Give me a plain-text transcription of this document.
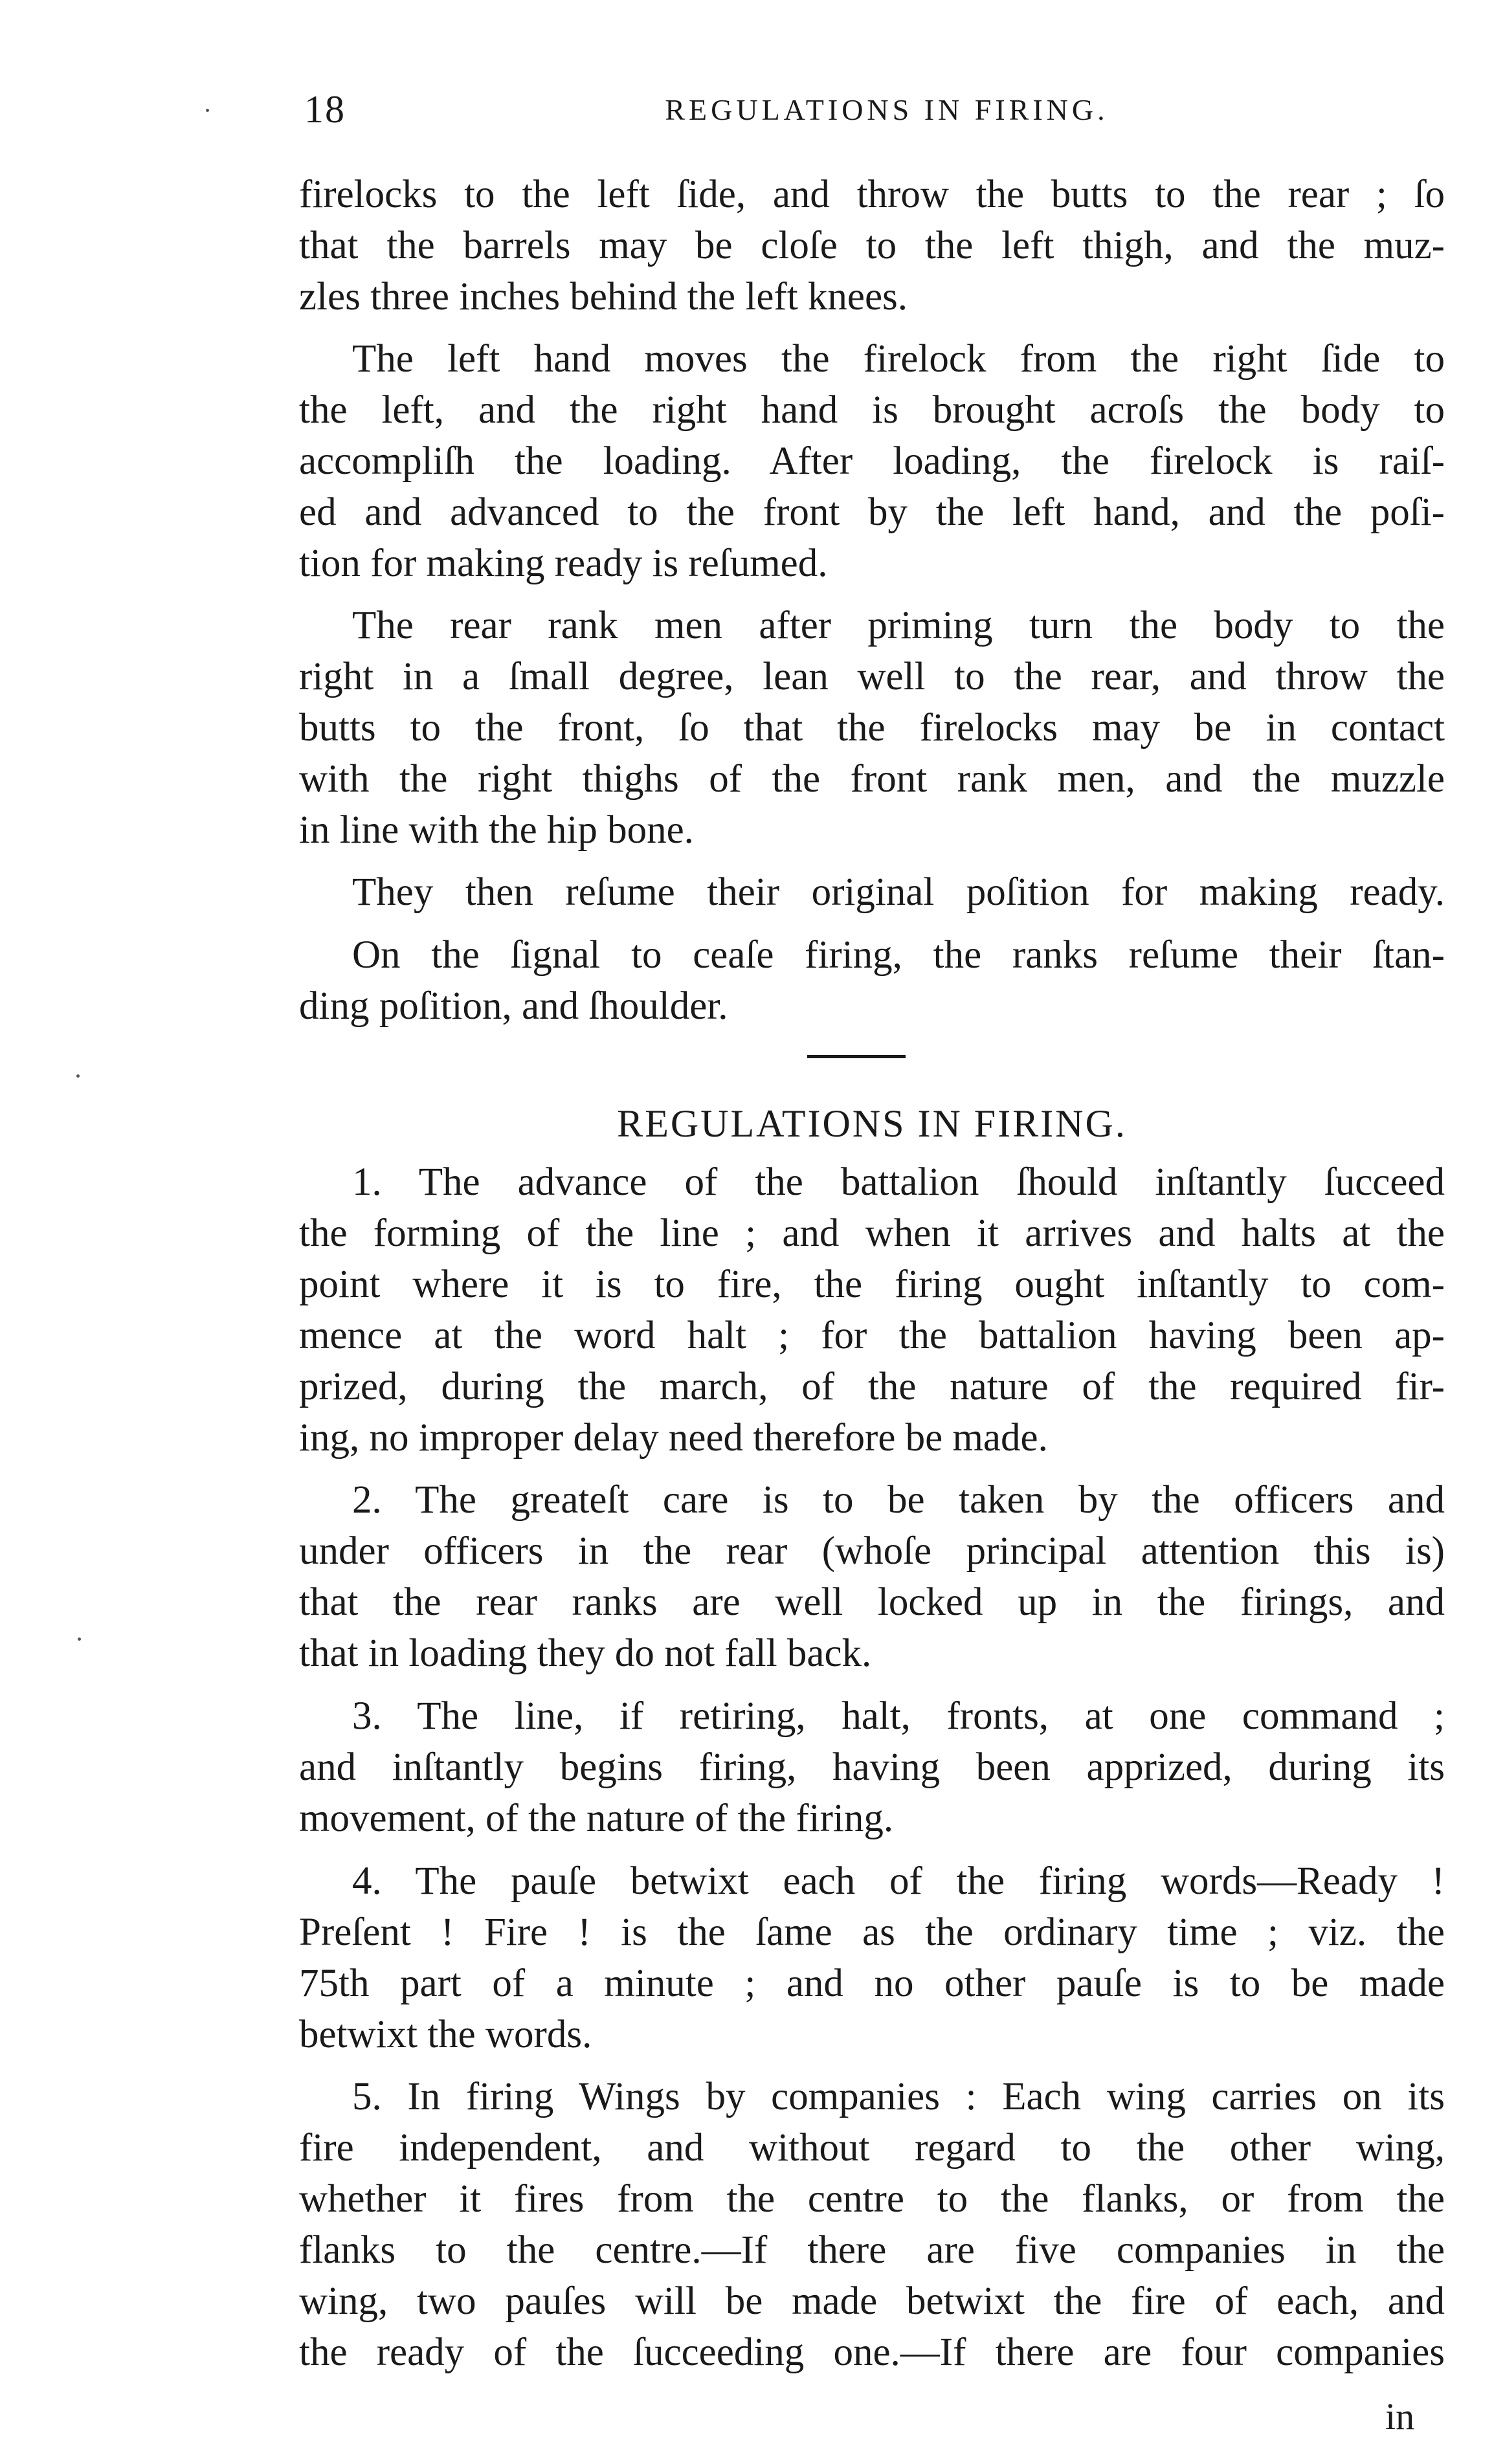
18	REGULATIONS IN FIRING.
firelocks to the left ſide, and throw the butts to the rear ; ſo
that the barrels may be cloſe to the left thigh, and the muz-
zles three inches behind the left knees.
The left hand moves the firelock from the right ſide to
the left, and the right hand is brought acroſs the body to
accompliſh the loading. After loading, the firelock is raiſ-
ed and advanced to the front by the left hand, and the poſi-
tion for making ready is reſumed.
The rear rank men after priming turn the body to the
right in a ſmall degree, lean well to the rear, and throw the
butts to the front, ſo that the firelocks may be in contact
with the right thighs of the front rank men, and the muzzle
in line with the hip bone.
They then reſume their original poſition for making ready.
On the ſignal to ceaſe firing, the ranks reſume their ſtan-
ding poſition, and ſhoulder.
REGULATIONS IN FIRING.
1. The advance of the battalion ſhould inſtantly ſucceed
the forming of the line ; and when it arrives and halts at the
point where it is to fire, the firing ought inſtantly to com-
mence at the word halt ; for the battalion having been ap-
prized, during the march, of the nature of the required fir-
ing, no improper delay need therefore be made.
2. The greateſt care is to be taken by the officers and
under officers in the rear (whoſe principal attention this is)
that the rear ranks are well locked up in the firings, and
that in loading they do not fall back.
3. The line, if retiring, halt, fronts, at one command ;
and inſtantly begins firing, having been apprized, during its
movement, of the nature of the firing.
4. The pauſe betwixt each of the firing words—Ready !
Preſent ! Fire ! is the ſame as the ordinary time ; viz. the
75th part of a minute ; and no other pauſe is to be made
betwixt the words.
5. In firing Wings by companies : Each wing carries on its
fire independent, and without regard to the other wing,
whether it fires from the centre to the flanks, or from the
flanks to the centre.—If there are five companies in the
wing, two pauſes will be made betwixt the fire of each, and
the ready of the ſucceeding one.—If there are four companies
in
